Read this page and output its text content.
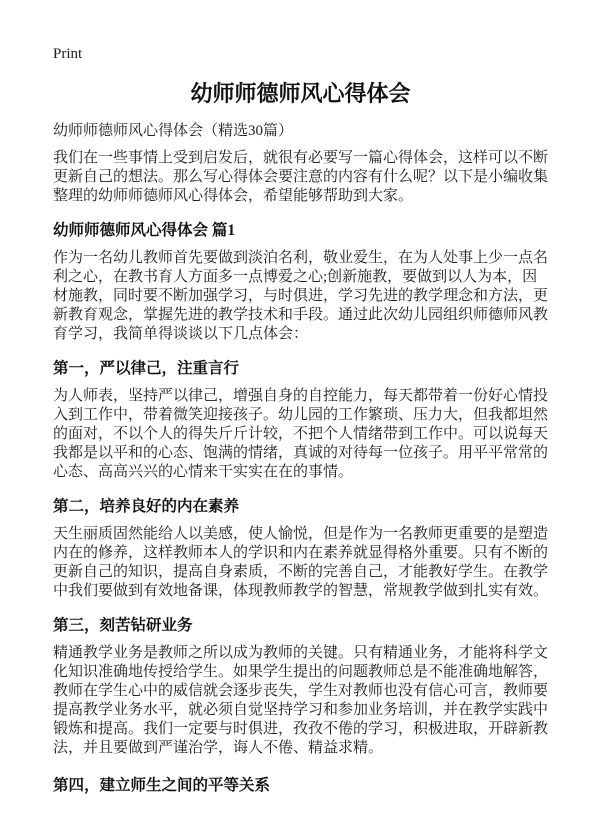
Print
幼师师德师风心得体会
幼师师德师风心得体会（精选30篇）

我们在一些事情上受到启发后，就很有必要写一篇心得体会，这样可以不断更新自己的想法。那么写心得体会要注意的内容有什么呢？以下是小编收集整理的幼师师德师风心得体会，希望能够帮助到大家。

幼师师德师风心得体会 篇1

作为一名幼儿教师首先要做到淡泊名利，敬业爱生，在为人处事上少一点名利之心，在教书育人方面多一点博爱之心;创新施教，要做到以人为本，因材施教，同时要不断加强学习，与时俱进，学习先进的教学理念和方法，更新教育观念，掌握先进的教学技术和手段。通过此次幼儿园组织师德师风教育学习，我简单得谈谈以下几点体会：

第一，严以律己，注重言行

为人师表，坚持严以律己，增强自身的自控能力，每天都带着一份好心情投入到工作中，带着微笑迎接孩子。幼儿园的工作繁琐、压力大，但我都坦然的面对，不以个人的得失斤斤计较，不把个人情绪带到工作中。可以说每天我都是以平和的心态、饱满的情绪，真诚的对待每一位孩子。用平平常常的心态、高高兴兴的心情来干实实在在的事情。

第二，培养良好的内在素养

天生丽质固然能给人以美感，使人愉悦，但是作为一名教师更重要的是塑造内在的修养，这样教师本人的学识和内在素养就显得格外重要。只有不断的更新自己的知识，提高自身素质，不断的完善自己，才能教好学生。在教学中我们要做到有效地备课，体现教师教学的智慧，常规教学做到扎实有效。

第三，刻苦钻研业务

精通教学业务是教师之所以成为教师的关键。只有精通业务，才能将科学文化知识准确地传授给学生。如果学生提出的问题教师总是不能准确地解答，教师在学生心中的威信就会逐步丧失，学生对教师也没有信心可言，教师要提高教学业务水平，就必须自觉坚持学习和参加业务培训，并在教学实践中锻炼和提高。我们一定要与时俱进，孜孜不倦的学习，积极进取，开辟新教法，并且要做到严谨治学，诲人不倦、精益求精。

第四，建立师生之间的平等关系
